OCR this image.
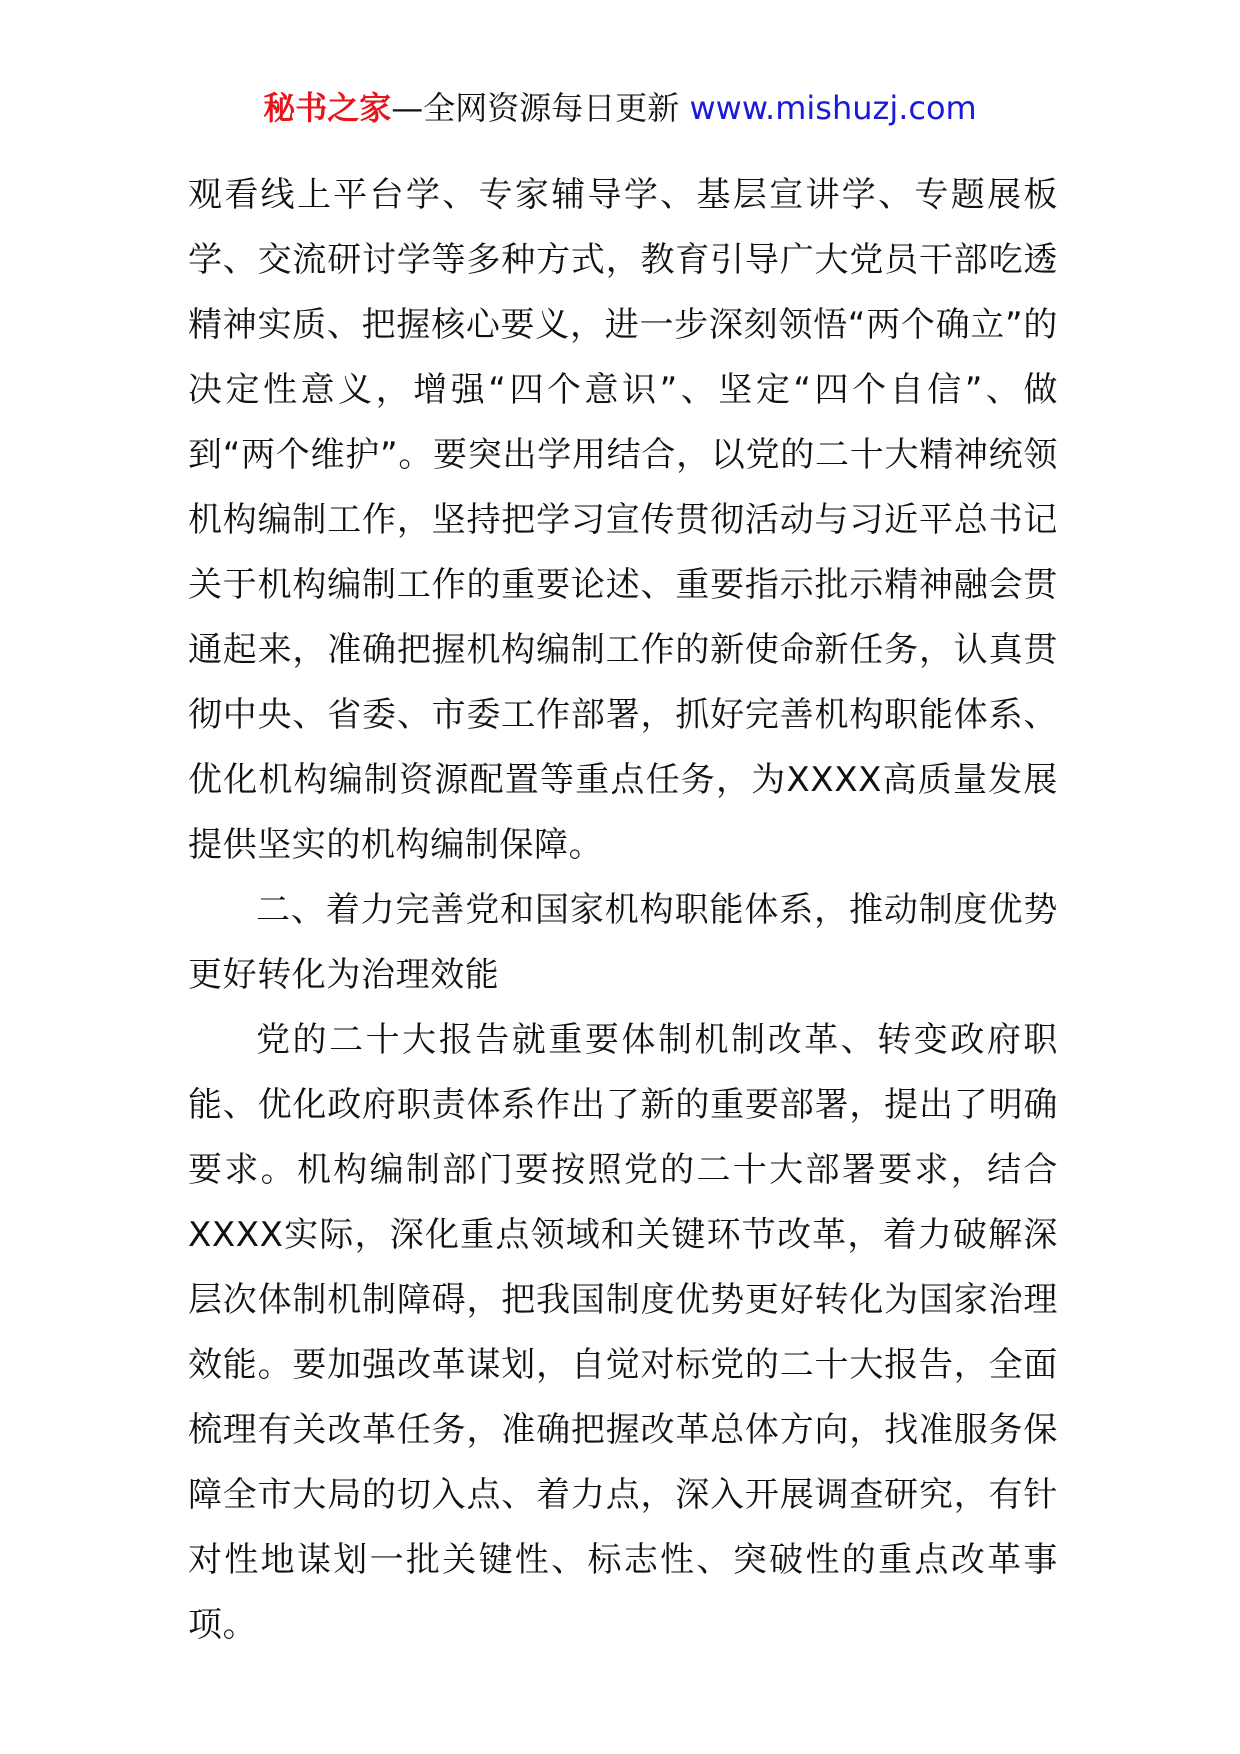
秘书之家—全网资源每日更新 www.mishuzj.com

观看线上平台学、专家辅导学、基层宣讲学、专题展板学、交流研讨学等多种方式，教育引导广大党员干部吃透精神实质、把握核心要义，进一步深刻领悟“两个确立”的决定性意义，增强“四个意识”、坚定“四个自信”、做到“两个维护”。要突出学用结合，以党的二十大精神统领机构编制工作，坚持把学习宣传贯彻活动与习近平总书记关于机构编制工作的重要论述、重要指示批示精神融会贯通起来，准确把握机构编制工作的新使命新任务，认真贯彻中央、省委、市委工作部署，抓好完善机构职能体系、优化机构编制资源配置等重点任务，为XXXX高质量发展提供坚实的机构编制保障。

二、着力完善党和国家机构职能体系，推动制度优势更好转化为治理效能

党的二十大报告就重要体制机制改革、转变政府职能、优化政府职责体系作出了新的重要部署，提出了明确要求。机构编制部门要按照党的二十大部署要求，结合XXXX实际，深化重点领域和关键环节改革，着力破解深层次体制机制障碍，把我国制度优势更好转化为国家治理效能。要加强改革谋划，自觉对标党的二十大报告，全面梳理有关改革任务，准确把握改革总体方向，找准服务保障全市大局的切入点、着力点，深入开展调查研究，有针对性地谋划一批关键性、标志性、突破性的重点改革事项。
